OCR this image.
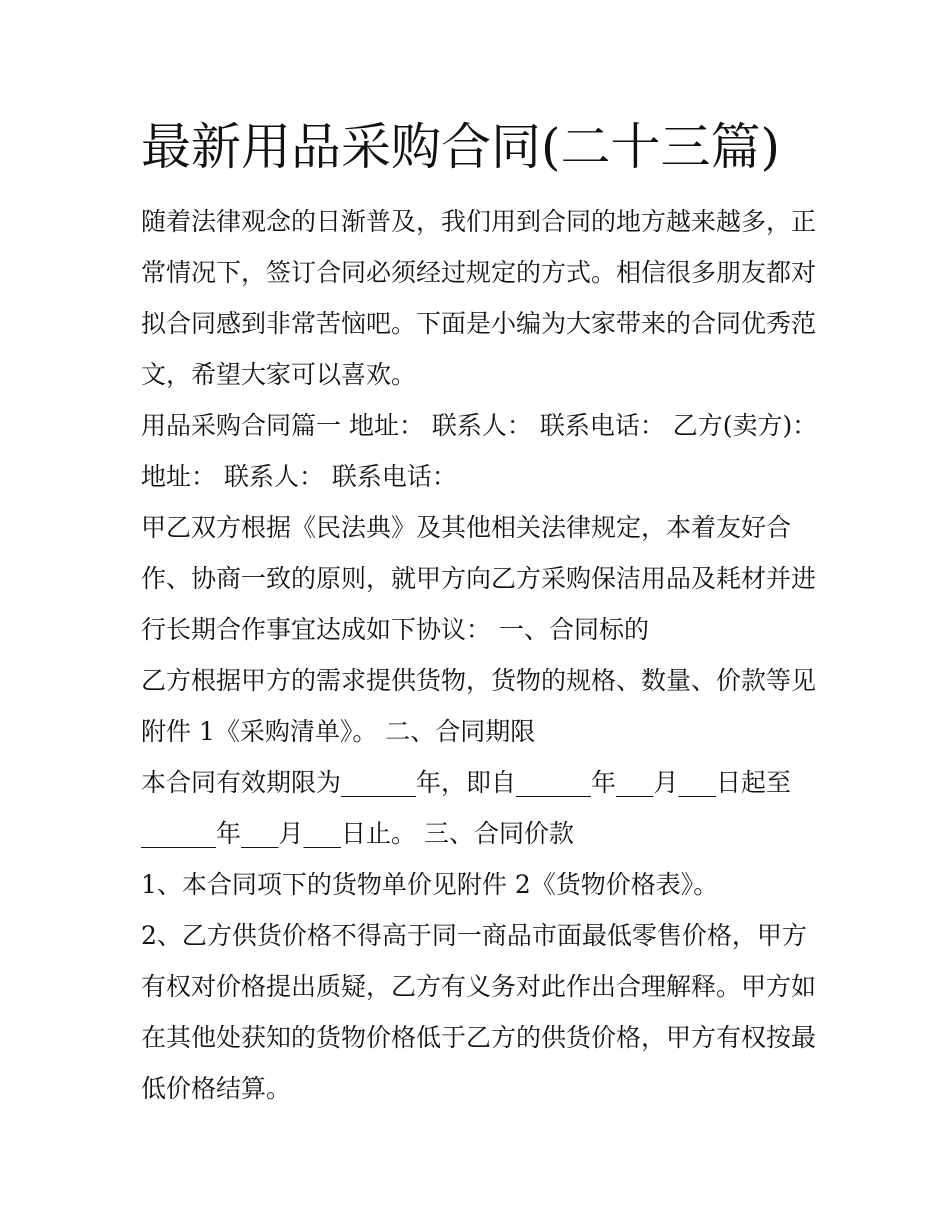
最新用品采购合同(二十三篇)
随着法律观念的日渐普及，我们用到合同的地方越来越多，正
常情况下，签订合同必须经过规定的方式。相信很多朋友都对
拟合同感到非常苦恼吧。下面是小编为大家带来的合同优秀范
文，希望大家可以喜欢。
用品采购合同篇一 地址： 联系人： 联系电话： 乙方(卖方)：
地址： 联系人： 联系电话：
甲乙双方根据《民法典》及其他相关法律规定，本着友好合
作、协商一致的原则，就甲方向乙方采购保洁用品及耗材并进
行长期合作事宜达成如下协议： 一、合同标的
乙方根据甲方的需求提供货物，货物的规格、数量、价款等见
附件 1《采购清单》。 二、合同期限
本合同有效期限为______年，即自______年___月___日起至
______年___月___日止。 三、合同价款
1、本合同项下的货物单价见附件 2《货物价格表》。
2、乙方供货价格不得高于同一商品市面最低零售价格，甲方
有权对价格提出质疑，乙方有义务对此作出合理解释。甲方如
在其他处获知的货物价格低于乙方的供货价格，甲方有权按最
低价格结算。
